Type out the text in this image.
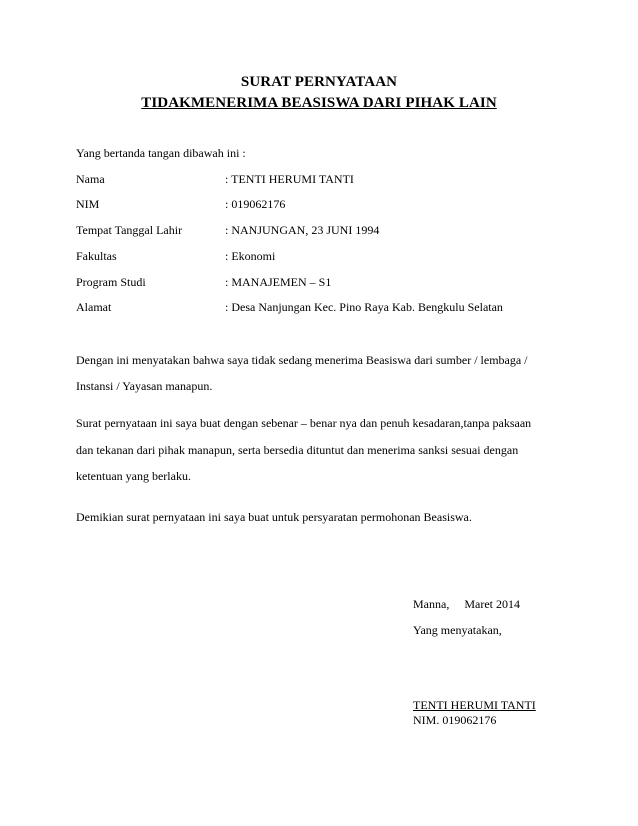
SURAT PERNYATAAN
TIDAKMENERIMA BEASISWA DARI PIHAK LAIN
Yang bertanda tangan dibawah ini :
Nama	: TENTI HERUMI TANTI
NIM	: 019062176
Tempat Tanggal Lahir	: NANJUNGAN, 23 JUNI 1994
Fakultas	: Ekonomi
Program Studi	: MANAJEMEN – S1
Alamat	: Desa Nanjungan Kec. Pino Raya Kab. Bengkulu Selatan
Dengan ini menyatakan bahwa saya tidak sedang menerima Beasiswa dari sumber / lembaga /
Instansi / Yayasan manapun.
Surat pernyataan ini saya buat dengan sebenar – benar nya dan penuh kesadaran,tanpa paksaan
dan tekanan dari pihak manapun, serta bersedia dituntut dan menerima sanksi sesuai dengan
ketentuan yang berlaku.
Demikian surat pernyataan ini saya buat untuk persyaratan permohonan Beasiswa.
Manna,     Maret 2014
Yang menyatakan,
TENTI HERUMI TANTI
NIM. 019062176
